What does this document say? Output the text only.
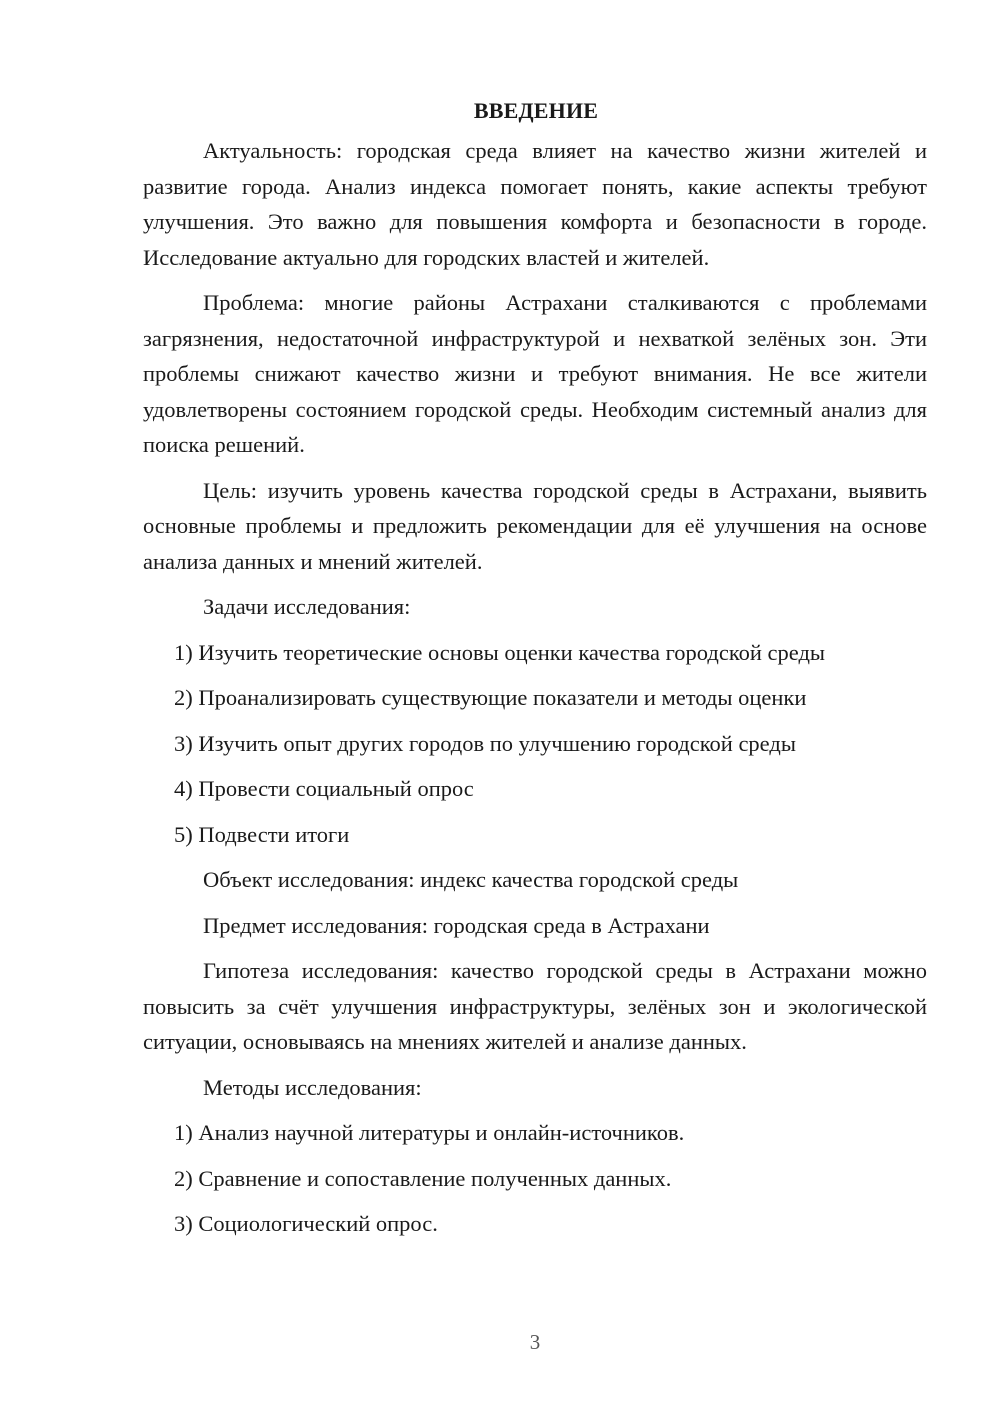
ВВЕДЕНИЕ

Актуальность: городская среда влияет на качество жизни жителей и развитие города. Анализ индекса помогает понять, какие аспекты требуют улучшения. Это важно для повышения комфорта и безопасности в городе. Исследование актуально для городских властей и жителей.

Проблема: многие районы Астрахани сталкиваются с проблемами загрязнения, недостаточной инфраструктурой и нехваткой зелёных зон. Эти проблемы снижают качество жизни и требуют внимания. Не все жители удовлетворены состоянием городской среды. Необходим системный анализ для поиска решений.

Цель: изучить уровень качества городской среды в Астрахани, выявить основные проблемы и предложить рекомендации для её улучшения на основе анализа данных и мнений жителей.

Задачи исследования:

1) Изучить теоретические основы оценки качества городской среды

2) Проанализировать существующие показатели и методы оценки

3) Изучить опыт других городов по улучшению городской среды

4) Провести социальный опрос

5) Подвести итоги

Объект исследования: индекс качества городской среды

Предмет исследования: городская среда в Астрахани

Гипотеза исследования: качество городской среды в Астрахани можно повысить за счёт улучшения инфраструктуры, зелёных зон и экологической ситуации, основываясь на мнениях жителей и анализе данных.

Методы исследования:

1) Анализ научной литературы и онлайн-источников.

2) Сравнение и сопоставление полученных данных.

3) Социологический опрос.

3
